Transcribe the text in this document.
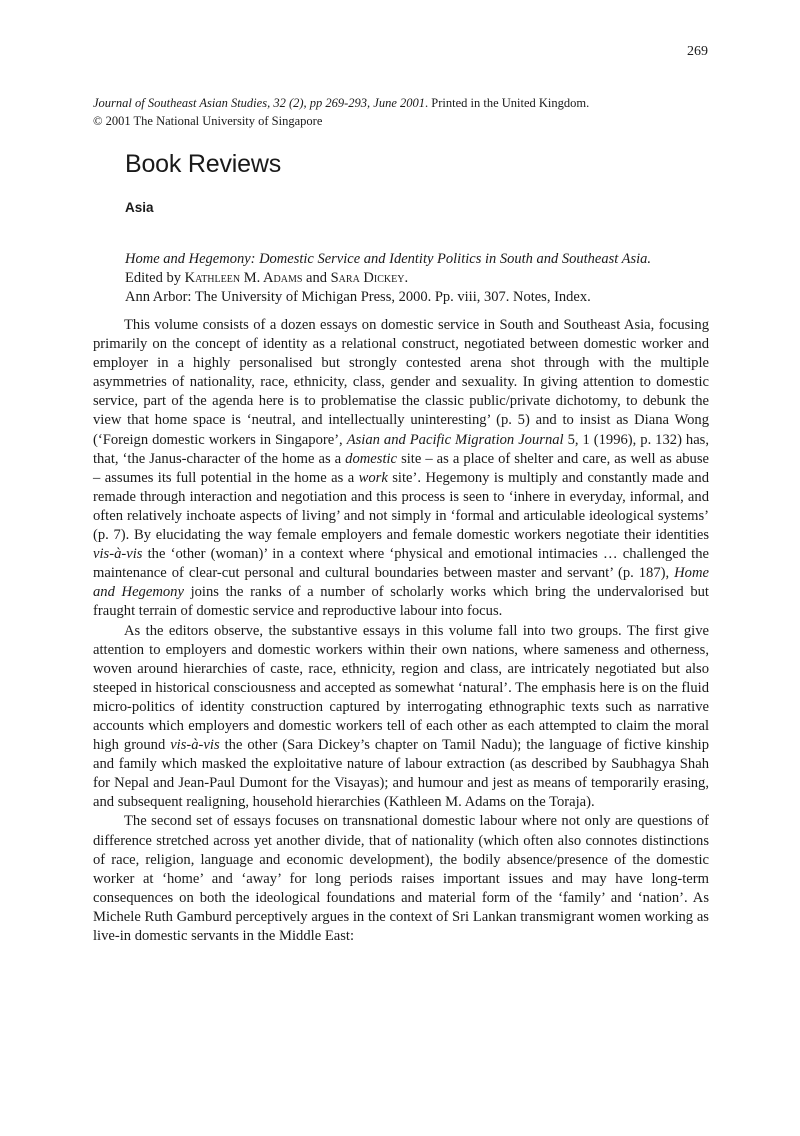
269
Journal of Southeast Asian Studies, 32 (2), pp 269-293, June 2001. Printed in the United Kingdom.
© 2001 The National University of Singapore
Book Reviews
Asia
Home and Hegemony: Domestic Service and Identity Politics in South and Southeast Asia.
Edited by Kathleen M. Adams and Sara Dickey.
Ann Arbor: The University of Michigan Press, 2000. Pp. viii, 307. Notes, Index.

This volume consists of a dozen essays on domestic service in South and Southeast Asia, focusing primarily on the concept of identity as a relational construct, negotiated between domestic worker and employer in a highly personalised but strongly contested arena shot through with the multiple asymmetries of nationality, race, ethnicity, class, gender and sexuality. In giving attention to domestic service, part of the agenda here is to problematise the classic public/private dichotomy, to debunk the view that home space is ‘neutral, and intellectually uninteresting’ (p. 5) and to insist as Diana Wong (‘Foreign domestic workers in Singapore’, Asian and Pacific Migration Journal 5, 1 (1996), p. 132) has, that, ‘the Janus-character of the home as a domestic site – as a place of shelter and care, as well as abuse – assumes its full potential in the home as a work site’. Hegemony is multiply and constantly made and remade through interaction and negotiation and this process is seen to ‘inhere in everyday, informal, and often relatively inchoate aspects of living’ and not simply in ‘formal and articulable ideological systems’ (p. 7). By elucidating the way female employers and female domestic workers negotiate their identities vis-à-vis the ‘other (woman)’ in a context where ‘physical and emotional intimacies … challenged the maintenance of clear-cut personal and cultural boundaries between master and servant’ (p. 187), Home and Hegemony joins the ranks of a number of scholarly works which bring the undervalorised but fraught terrain of domestic service and reproductive labour into focus.

As the editors observe, the substantive essays in this volume fall into two groups. The first give attention to employers and domestic workers within their own nations, where sameness and otherness, woven around hierarchies of caste, race, ethnicity, region and class, are intricately negotiated but also steeped in historical consciousness and accepted as somewhat ‘natural’. The emphasis here is on the fluid micro-politics of identity construction captured by interrogating ethnographic texts such as narrative accounts which employers and domestic workers tell of each other as each attempted to claim the moral high ground vis-à-vis the other (Sara Dickey’s chapter on Tamil Nadu); the language of fictive kinship and family which masked the exploitative nature of labour extraction (as described by Saubhagya Shah for Nepal and Jean-Paul Dumont for the Visayas); and humour and jest as means of temporarily erasing, and subsequent realigning, household hierarchies (Kathleen M. Adams on the Toraja).

The second set of essays focuses on transnational domestic labour where not only are questions of difference stretched across yet another divide, that of nationality (which often also connotes distinctions of race, religion, language and economic development), the bodily absence/presence of the domestic worker at ‘home’ and ‘away’ for long periods raises important issues and may have long-term consequences on both the ideological foundations and material form of the ‘family’ and ‘nation’. As Michele Ruth Gamburd perceptively argues in the context of Sri Lankan transmigrant women working as live-in domestic servants in the Middle East:
